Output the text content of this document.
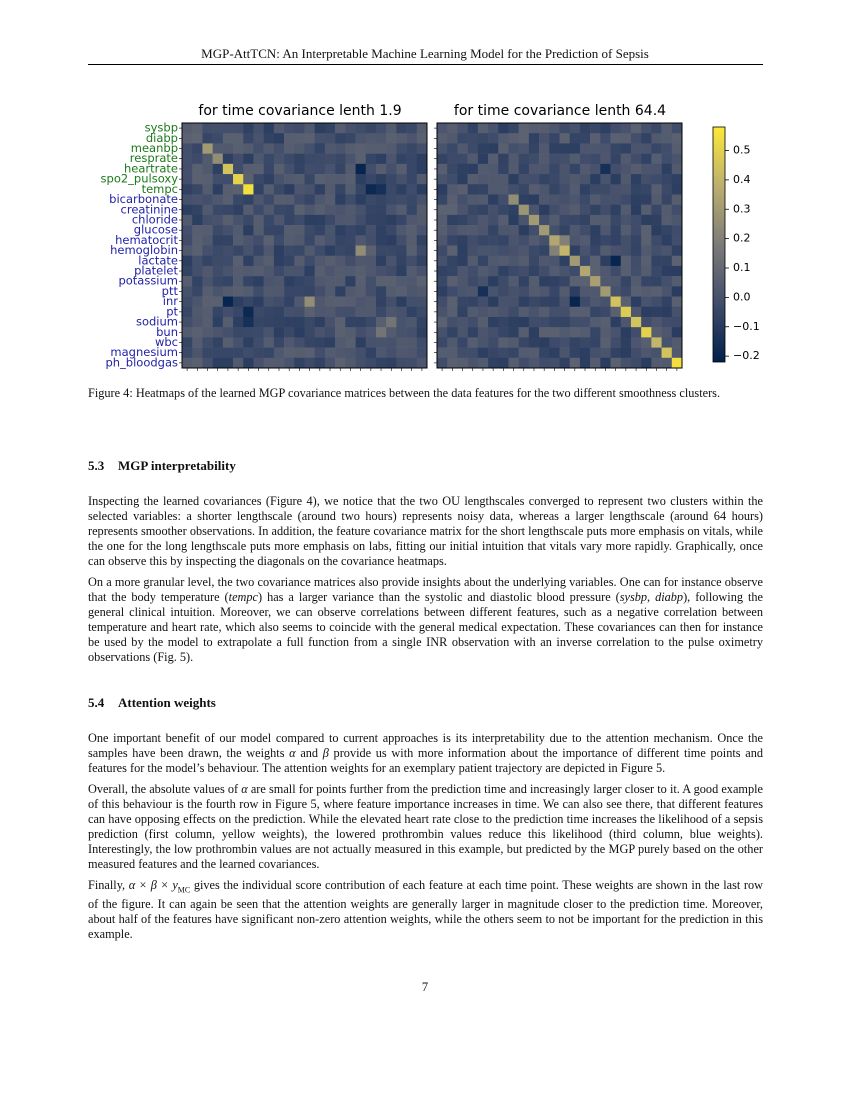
MGP-AttTCN: An Interpretable Machine Learning Model for the Prediction of Sepsis
for time covariance lenth 1.9	for time covariance lenth 64.4
sysbp
diabp
meanbp
resprate
heartrate
spo2_pulsoxy
tempc
bicarbonate
creatinine
chloride
glucose
hematocrit
hemoglobin
lactate
platelet
potassium
ptt
inr
pt
sodium
bun
wbc
magnesium
ph_bloodgas
0.5
0.4
0.3
0.2
0.1
0.0
−0.1
−0.2
Figure 4: Heatmaps of the learned MGP covariance matrices between the data features for the two different smoothness clusters.

5.3 MGP interpretability

Inspecting the learned covariances (Figure 4), we notice that the two OU lengthscales converged to represent two clusters within the selected variables: a shorter lengthscale (around two hours) represents noisy data, whereas a larger lengthscale (around 64 hours) represents smoother observations. In addition, the feature covariance matrix for the short lengthscale puts more emphasis on vitals, while the one for the long lengthscale puts more emphasis on labs, fitting our initial intuition that vitals vary more rapidly. Graphically, once can observe this by inspecting the diagonals on the covariance heatmaps.

On a more granular level, the two covariance matrices also provide insights about the underlying variables. One can for instance observe that the body temperature (tempc) has a larger variance than the systolic and diastolic blood pressure (sysbp, diabp), following the general clinical intuition. Moreover, we can observe correlations between different features, such as a negative correlation between temperature and heart rate, which also seems to coincide with the general medical expectation. These covariances can then for instance be used by the model to extrapolate a full function from a single INR observation with an inverse correlation to the pulse oximetry observations (Fig. 5).

5.4 Attention weights

One important benefit of our model compared to current approaches is its interpretability due to the attention mechanism. Once the samples have been drawn, the weights α and β provide us with more information about the importance of different time points and features for the model’s behaviour. The attention weights for an exemplary patient trajectory are depicted in Figure 5.

Overall, the absolute values of α are small for points further from the prediction time and increasingly larger closer to it. A good example of this behaviour is the fourth row in Figure 5, where feature importance increases in time. We can also see there, that different features can have opposing effects on the prediction. While the elevated heart rate close to the prediction time increases the likelihood of a sepsis prediction (first column, yellow weights), the lowered prothrombin values reduce this likelihood (third column, blue weights). Interestingly, the low prothrombin values are not actually measured in this example, but predicted by the MGP purely based on the other measured features and the learned covariances.

Finally, $\alpha \times \beta \times y_{MC}$ gives the individual score contribution of each feature at each time point. These weights are shown in the last row of the figure. It can again be seen that the attention weights are generally larger in magnitude closer to the prediction time. Moreover, about half of the features have significant non-zero attention weights, while the others seem to not be important for the prediction in this example.

7
